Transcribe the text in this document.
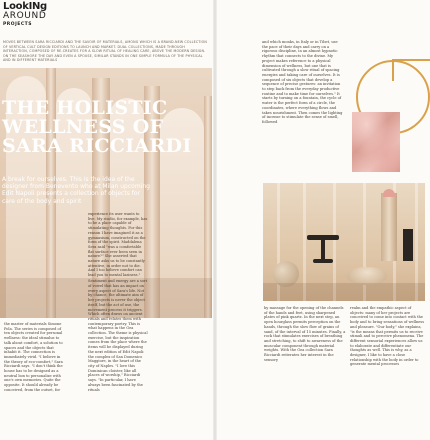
LookINg
AROUND
PROJECTS
MOVES BETWEEN SARA RICCIARDI AND THE SAVOIR OF MATERIALS, AMONG WHICH IS A BRAND-NEW COLLECTION OF VERTICAL CULT DESIGN EDITIONS TO LAUNCH AND MARKET. DUAL COLLECTIONS, MADE THROUGH INTERACTION, COMPOSED OF RE-CREATES FOR A SLOW RITUAL OF HEALING CARE, ABOVE THE MODERN DESIGN. ON THE SEASHORE THE DAY AND EVEN A SPOUSE, SIMILAR STANDS IN ONE SIMPLE FORMULA OF THE PHYSICAL AND IN DIFFERENT MATERIALS
THE HOLISTIC
WELLNESS OF
SARA RICCIARDI
A break for ourselves. This is the idea of the designer from Benevento who at Milan upcoming Edit Napoli presents a collection of objects for care of the body and spirit

the master of materials Simone Pola. The series is composed of ten objects created for personal wellness: the ideal stimulus to talk about comfort, a solution to spaces and the objects that inhabit it. The connection is immediately vivid. "I believe in the theory of eco-comfort," Sara Ricciardi says. "I don't think the house has to be designed as a neutral box to personalize with one's own memories. Quite the opposite. It should already be conceived, from the outset, for

experience its user wants to live. My studio, for example, has to be a place capable of stimulating thoughts. For this reason I have imagined it as a gymnasium, constructed on the form of the spirit. Maddalena Sera said "was a comfortable flat surface ever been seen in nature?" She asserted that nature asks us to be constantly attentive, in order not to die. And I too believe comfort can lead you to mental laziness."

Sentiment and energy are a sort of vowel that has an impact on every aspect of Sara's life. Not by chance, the ultimate aim of her projects is never the object itself, but the act of use, the movement process it triggers. Which often draws on ancient rituals and relates them with contemporary poetry. This is what happens in the Gea collection. The theme is physical exercise, but the inspiration comes from the place where the items will be displayed during the next edition of Edit Napoli: the complex of San Domenico Maggiore, in the heart of the city of Naples. "I love this Dominican cloister, like all places of worship," Ricciardi says. "In particular, I have always been fascinated by the rituals

and which monks, in Italy or in Tibet, use the pace of their days and carry on a rigorous discipline, in an almost hypnotic rhythm that connects to the divine. My project makes reference to a physical dimension of wellness, but one that is cultivated through a slow ritual of spacing energies and taking care of ourselves. It is composed of six objects that develop a sequence of precise gestures: an invitation to step back from the everyday productive routine and to make time for ourselves." It starts by turning on a fountain, the cycle of water is the perfect form of a circle, the coordinates, where everything flows and takes nourishment. Then comes the lighting of incense to stimulate the sense of smell, followed

by massage for the opening of the channels of the hands and feet, using sharpened plates of pink quartz. In the next step, an open hourglass permits perception on the hands, through the slow flow of grains of sand, of the interval of 15 minutes. Finally, a rock that stimulates exercises of breathing and stretching, to shift to awareness of the muscular component through material weights. With the Gea collection Sara Ricciardi reiterates her interest in the sensory

realm and the empathic aspect of objects: many of her projects are conceived to come into contact with the body and to bring sensations of wellness and pleasure. "Our body," she explains, "is the means that permits us to receive stimuli and to perceive phenomena. The different sensorial experiences allow us to elaborate and differentiate our thoughts as well. This is why, as a designer, I like to have a close relationship with the body in order to generate mental processes
